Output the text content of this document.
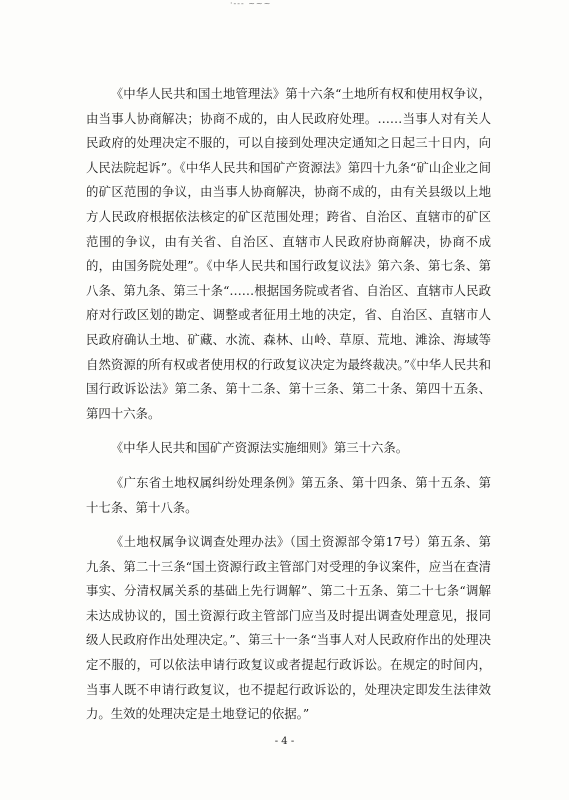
·--- ~~~

《中华人民共和国土地管理法》第十六条“土地所有权和使用权争议，由当事人协商解决；协商不成的，由人民政府处理。……当事人对有关人民政府的处理决定不服的，可以自接到处理决定通知之日起三十日内，向人民法院起诉”。《中华人民共和国矿产资源法》第四十九条“矿山企业之间的矿区范围的争议，由当事人协商解决，协商不成的，由有关县级以上地方人民政府根据依法核定的矿区范围处理；跨省、自治区、直辖市的矿区范围的争议，由有关省、自治区、直辖市人民政府协商解决，协商不成的，由国务院处理”。《中华人民共和国行政复议法》第六条、第七条、第八条、第九条、第三十条“……根据国务院或者省、自治区、直辖市人民政府对行政区划的勘定、调整或者征用土地的决定，省、自治区、直辖市人民政府确认土地、矿藏、水流、森林、山岭、草原、荒地、滩涂、海域等自然资源的所有权或者使用权的行政复议决定为最终裁决。”《中华人民共和国行政诉讼法》第二条、第十二条、第十三条、第二十条、第四十五条、第四十六条。

《中华人民共和国矿产资源法实施细则》第三十六条。

《广东省土地权属纠纷处理条例》第五条、第十四条、第十五条、第十七条、第十八条。

《土地权属争议调查处理办法》（国土资源部令第17号）第五条、第九条、第二十三条“国土资源行政主管部门对受理的争议案件，应当在查清事实、分清权属关系的基础上先行调解”、第二十五条、第二十七条“调解未达成协议的，国土资源行政主管部门应当及时提出调查处理意见，报同级人民政府作出处理决定。”、第三十一条“当事人对人民政府作出的处理决定不服的，可以依法申请行政复议或者提起行政诉讼。在规定的时间内，当事人既不申请行政复议，也不提起行政诉讼的，处理决定即发生法律效力。生效的处理决定是土地登记的依据。”

- 4 -
